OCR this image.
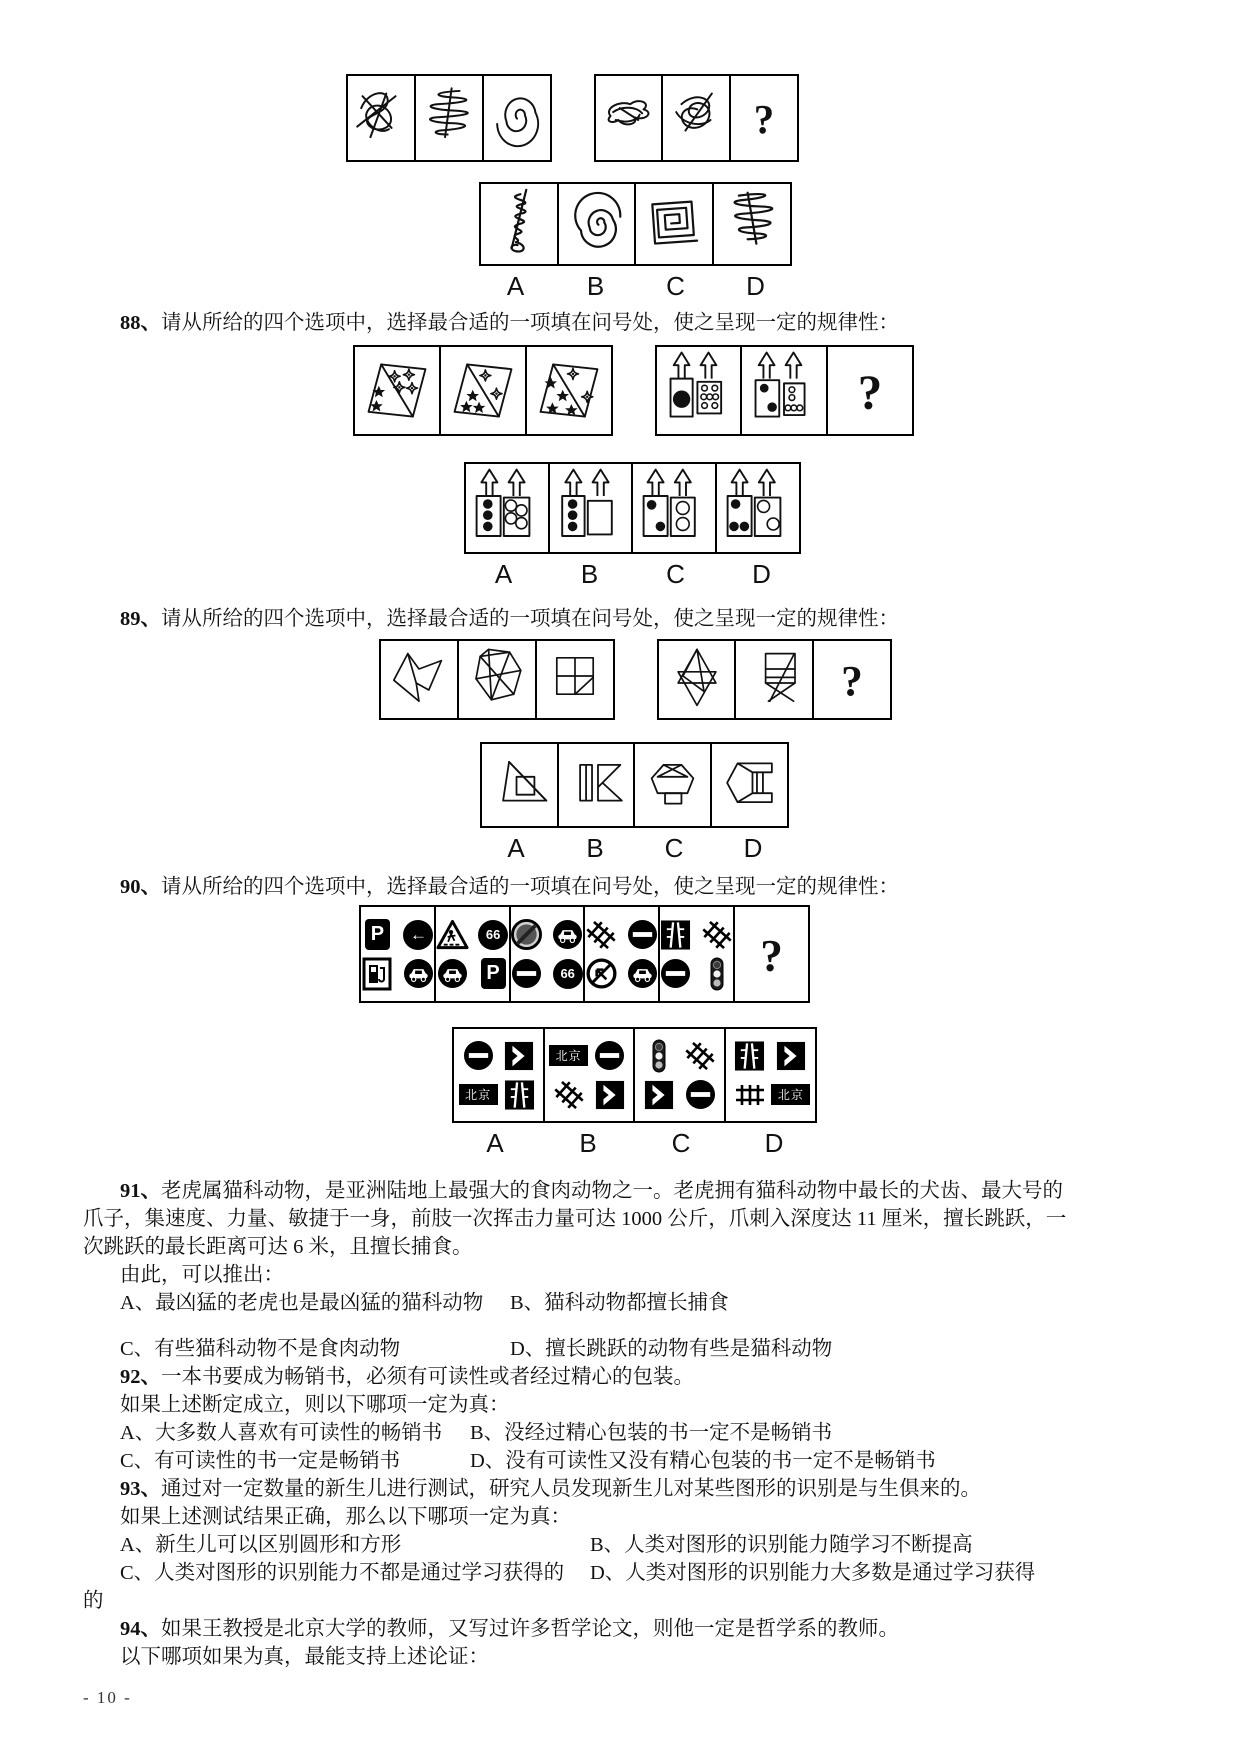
?
A	B	C	D
88、请从所给的四个选项中，选择最合适的一项填在问号处，使之呈现一定的规律性：
?
A	B	C	D
89、请从所给的四个选项中，选择最合适的一项填在问号处，使之呈现一定的规律性：
?
A	B	C	D
90、请从所给的四个选项中，选择最合适的一项填在问号处，使之呈现一定的规律性：
P	←	66
P	66	?
北京
北京
北京
A	B	C	D
91、老虎属猫科动物，是亚洲陆地上最强大的食肉动物之一。老虎拥有猫科动物中最长的犬齿、最大号的
爪子，集速度、力量、敏捷于一身，前肢一次挥击力量可达 1000 公斤，爪刺入深度达 11 厘米，擅长跳跃，一
次跳跃的最长距离可达 6 米，且擅长捕食。
由此，可以推出：
A、最凶猛的老虎也是最凶猛的猫科动物 B、猫科动物都擅长捕食
C、有些猫科动物不是食肉动物	D、擅长跳跃的动物有些是猫科动物
92、一本书要成为畅销书，必须有可读性或者经过精心的包装。
如果上述断定成立，则以下哪项一定为真：
A、大多数人喜欢有可读性的畅销书 B、没经过精心包装的书一定不是畅销书
C、有可读性的书一定是畅销书	D、没有可读性又没有精心包装的书一定不是畅销书
93、通过对一定数量的新生儿进行测试，研究人员发现新生儿对某些图形的识别是与生俱来的。
如果上述测试结果正确，那么以下哪项一定为真：
A、新生儿可以区别圆形和方形	B、人类对图形的识别能力随学习不断提高
C、人类对图形的识别能力不都是通过学习获得的 D、人类对图形的识别能力大多数是通过学习获得
的
94、如果王教授是北京大学的教师，又写过许多哲学论文，则他一定是哲学系的教师。
以下哪项如果为真，最能支持上述论证：
- 10 -
